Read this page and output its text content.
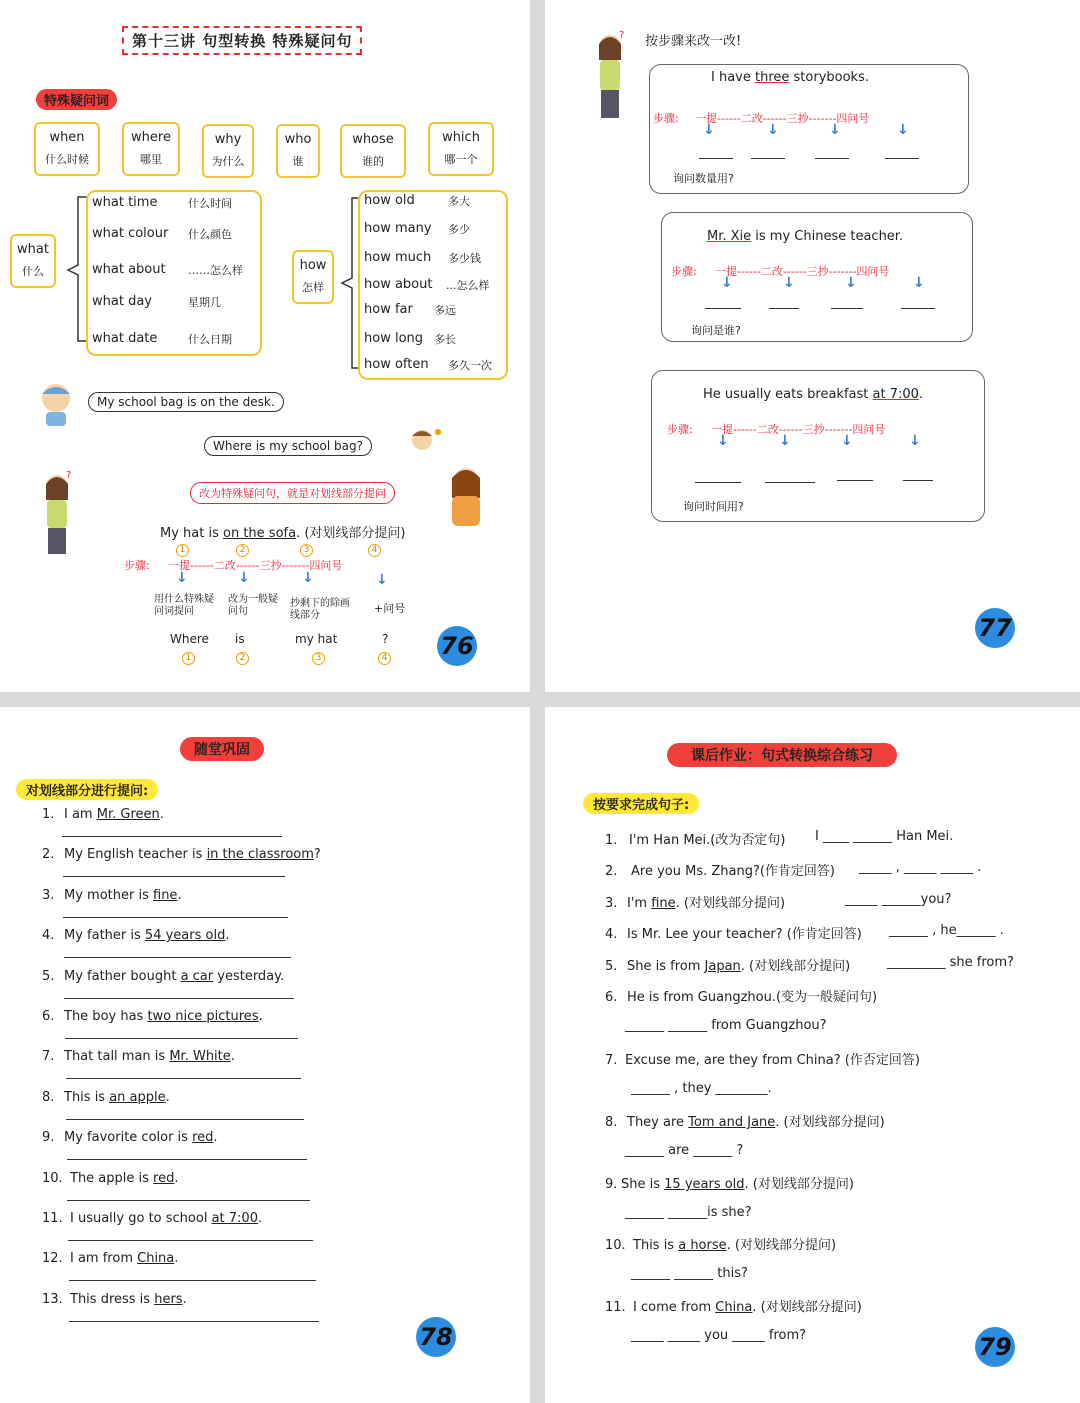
第十三讲 句型转换 特殊疑问句
特殊疑问词
when
什么时候
where
哪里
why
为什么
who
谁
whose
谁的
which
哪一个
what
什么
what time	什么时间
what colour 什么颜色
what about ……怎么样
what day	星期几
what date	什么日期
how
怎样
how old	多大
how many 多少
how much 多少钱
how about ...怎么样
how far 多远
how long 多长
how often 多久一次
My school bag is on the desk.
Where is my school bag?
?
改为特殊疑问句，就是对划线部分提问
My hat is on the sofa. (对划线部分提问)
1	2	3	4
步骤: 一提------二改------三抄-------四问号
↓	↓	↓	↓
用什么特殊疑问词提问
改为一般疑问句
抄剩下的除画线部分
+问号
Where is	my hat	?
1	2	3	4 76
? 按步骤来改一改!
I have three storybooks.
步骤: 一提------二改------三抄-------四问号
↓	↓	↓	↓
询问数量用?
Mr. Xie is my Chinese teacher.
步骤: 一提------二改------三抄-------四问号
↓	↓	↓	↓
询问是谁?
He usually eats breakfast at 7:00.
步骤: 一提------二改------三抄-------四问号
↓	↓	↓	↓
询问时间用?
77
随堂巩固
对划线部分进行提问:
78
1. I am Mr. Green.
2. My English teacher is in the classroom?
3. My mother is fine.
4. My father is 54 years old.
5. My father bought a car yesterday.
6. The boy has two nice pictures.
7. That tall man is Mr. White.
8. This is an apple.
9. My favorite color is red.
10. The apple is red.
11. I usually go to school at 7:00.
12. I am from China.
13. This dress is hers.
课后作业：句式转换综合练习
按要求完成句子:
1. I'm Han Mei.(改为否定句) I ____ ______ Han Mei.
2. Are you Ms. Zhang?(作肯定回答) _____ , _____ _____ .
3. I'm fine. (对划线部分提问)	_____ ______you?
4. Is Mr. Lee your teacher? (作肯定回答) ______ , he______ .
5. She is from Japan. (对划线部分提问)	_________ she from?
6. He is from Guangzhou.(变为一般疑问句)
______ ______ from Guangzhou?
7. Excuse me, are they from China? (作否定回答)
______ , they ________.
8. They are Tom and Jane. (对划线部分提问)
______ are ______ ?
9. She is 15 years old. (对划线部分提问)
______ ______is she?
10. This is a horse. (对划线部分提问)
______ ______ this?
11. I come from China. (对划线部分提问)
_____ _____ you _____ from?	79
